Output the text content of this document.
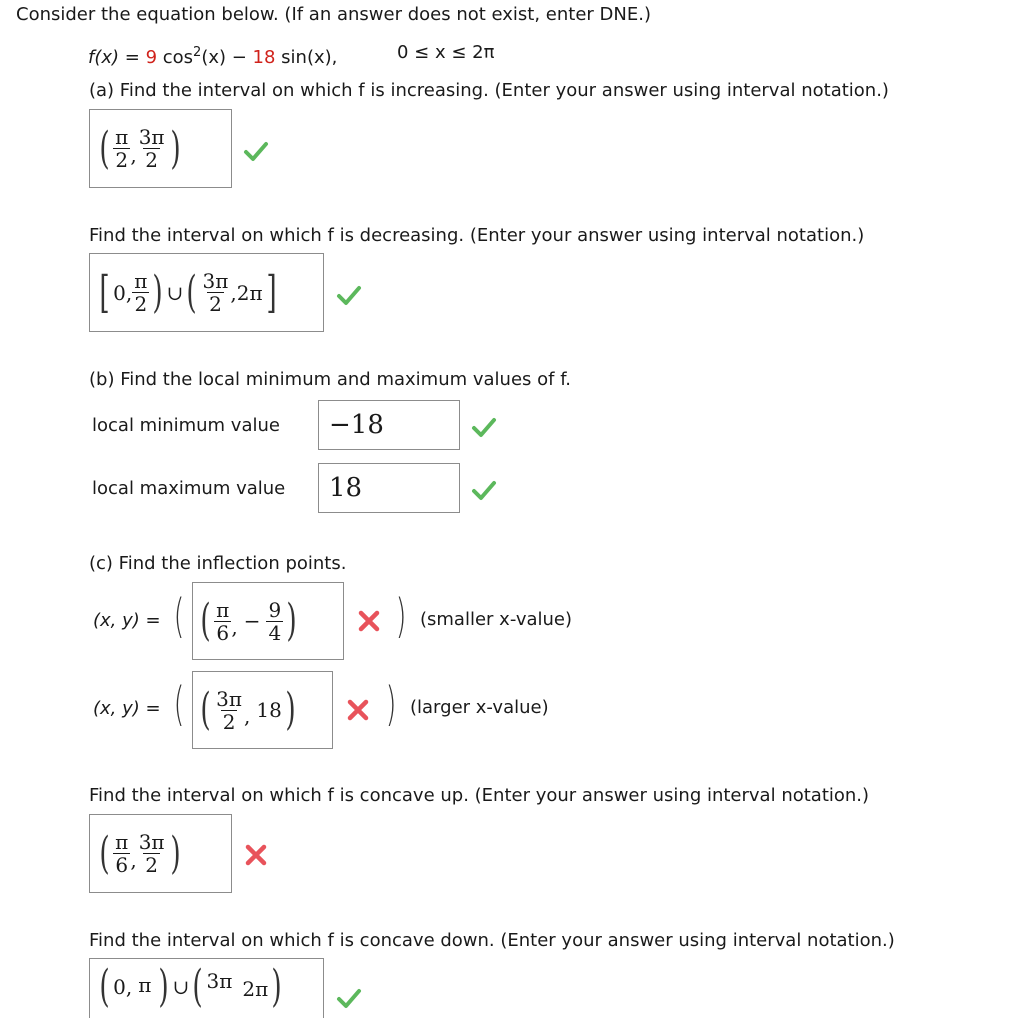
Consider the equation below. (If an answer does not exist, enter DNE.)
f(x) = 9 $\cos^2(x) - 18$ sin(x),	0 ≤ x ≤ 2π
(a) Find the interval on which f is increasing. (Enter your answer using interval notation.)
( $\frac{\pi}{2}$ , $\frac{3\pi}{2}$ )
Find the interval on which f is decreasing. (Enter your answer using interval notation.)
[ 0, $\frac{\pi}{2}$ ) ∪ ( $\frac{3\pi}{2} ,2\pi$ ]
(b) Find the local minimum and maximum values of f.
local minimum value	−18
local maximum value	18
(c) Find the inflection points.
(x, y) = ( ( $\frac{\pi}{6}$ , − $\frac{9}{4}$ ) ) (smaller x-value)
(x, y) = ( ( $\frac{3\pi}{2}$ , 18 ) ) (larger x-value)
Find the interval on which f is concave up. (Enter your answer using interval notation.)
( $\frac{\pi}{6}$ , $\frac{3\pi}{2}$ )
Find the interval on which f is concave down. (Enter your answer using interval notation.)
( 0, π ) ∪ ( 3π 2π )
